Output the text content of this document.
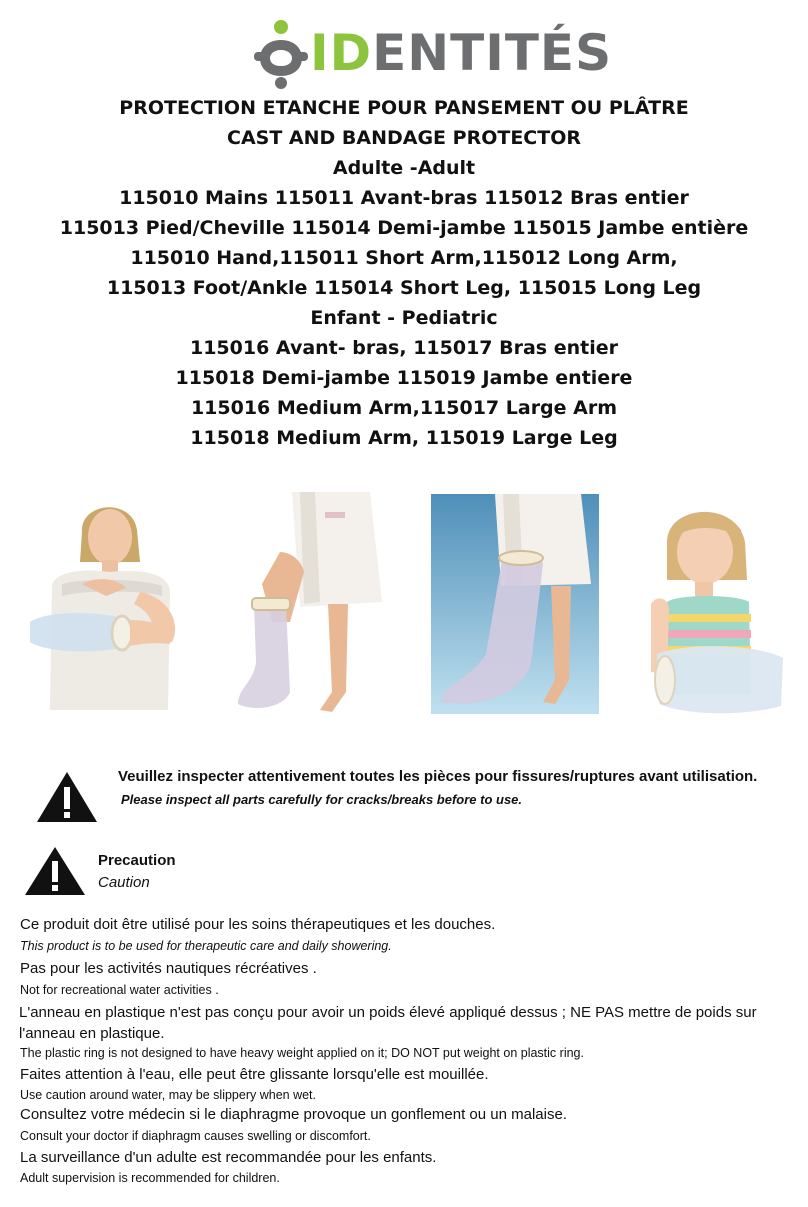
IDENTITÉS
PROTECTION ETANCHE POUR PANSEMENT OU PLÂTRE
CAST AND BANDAGE PROTECTOR
Adulte -Adult
115010 Mains 115011 Avant-bras 115012 Bras entier
115013 Pied/Cheville 115014 Demi-jambe 115015 Jambe entière
115010 Hand,115011 Short Arm,115012 Long Arm,
115013 Foot/Ankle 115014 Short Leg, 115015 Long Leg
Enfant - Pediatric
115016 Avant- bras, 115017 Bras entier
115018 Demi-jambe 115019 Jambe entiere
115016 Medium Arm,115017 Large Arm
115018 Medium Arm, 115019 Large Leg
Veuillez inspecter attentivement toutes les pièces pour fissures/ruptures avant utilisation.
Please inspect all parts carefully for cracks/breaks before to use.
Precaution
Caution
Ce produit doit être utilisé pour les soins thérapeutiques et les douches.
This product is to be used for therapeutic care and daily showering.
Pas pour les activités nautiques récréatives .
Not for recreational water activities .
L'anneau en plastique n'est pas conçu pour avoir un poids élevé appliqué dessus ; NE PAS mettre de poids sur l'anneau en plastique.
The plastic ring is not designed to have heavy weight applied on it; DO NOT put weight on plastic ring.
Faites attention à l'eau, elle peut être glissante lorsqu'elle est mouillée.
Use caution around water, may be slippery when wet.
Consultez votre médecin si le diaphragme provoque un gonflement ou un malaise.
Consult your doctor if diaphragm causes swelling or discomfort.
La surveillance d'un adulte est recommandée pour les enfants.
Adult supervision is recommended for children.
